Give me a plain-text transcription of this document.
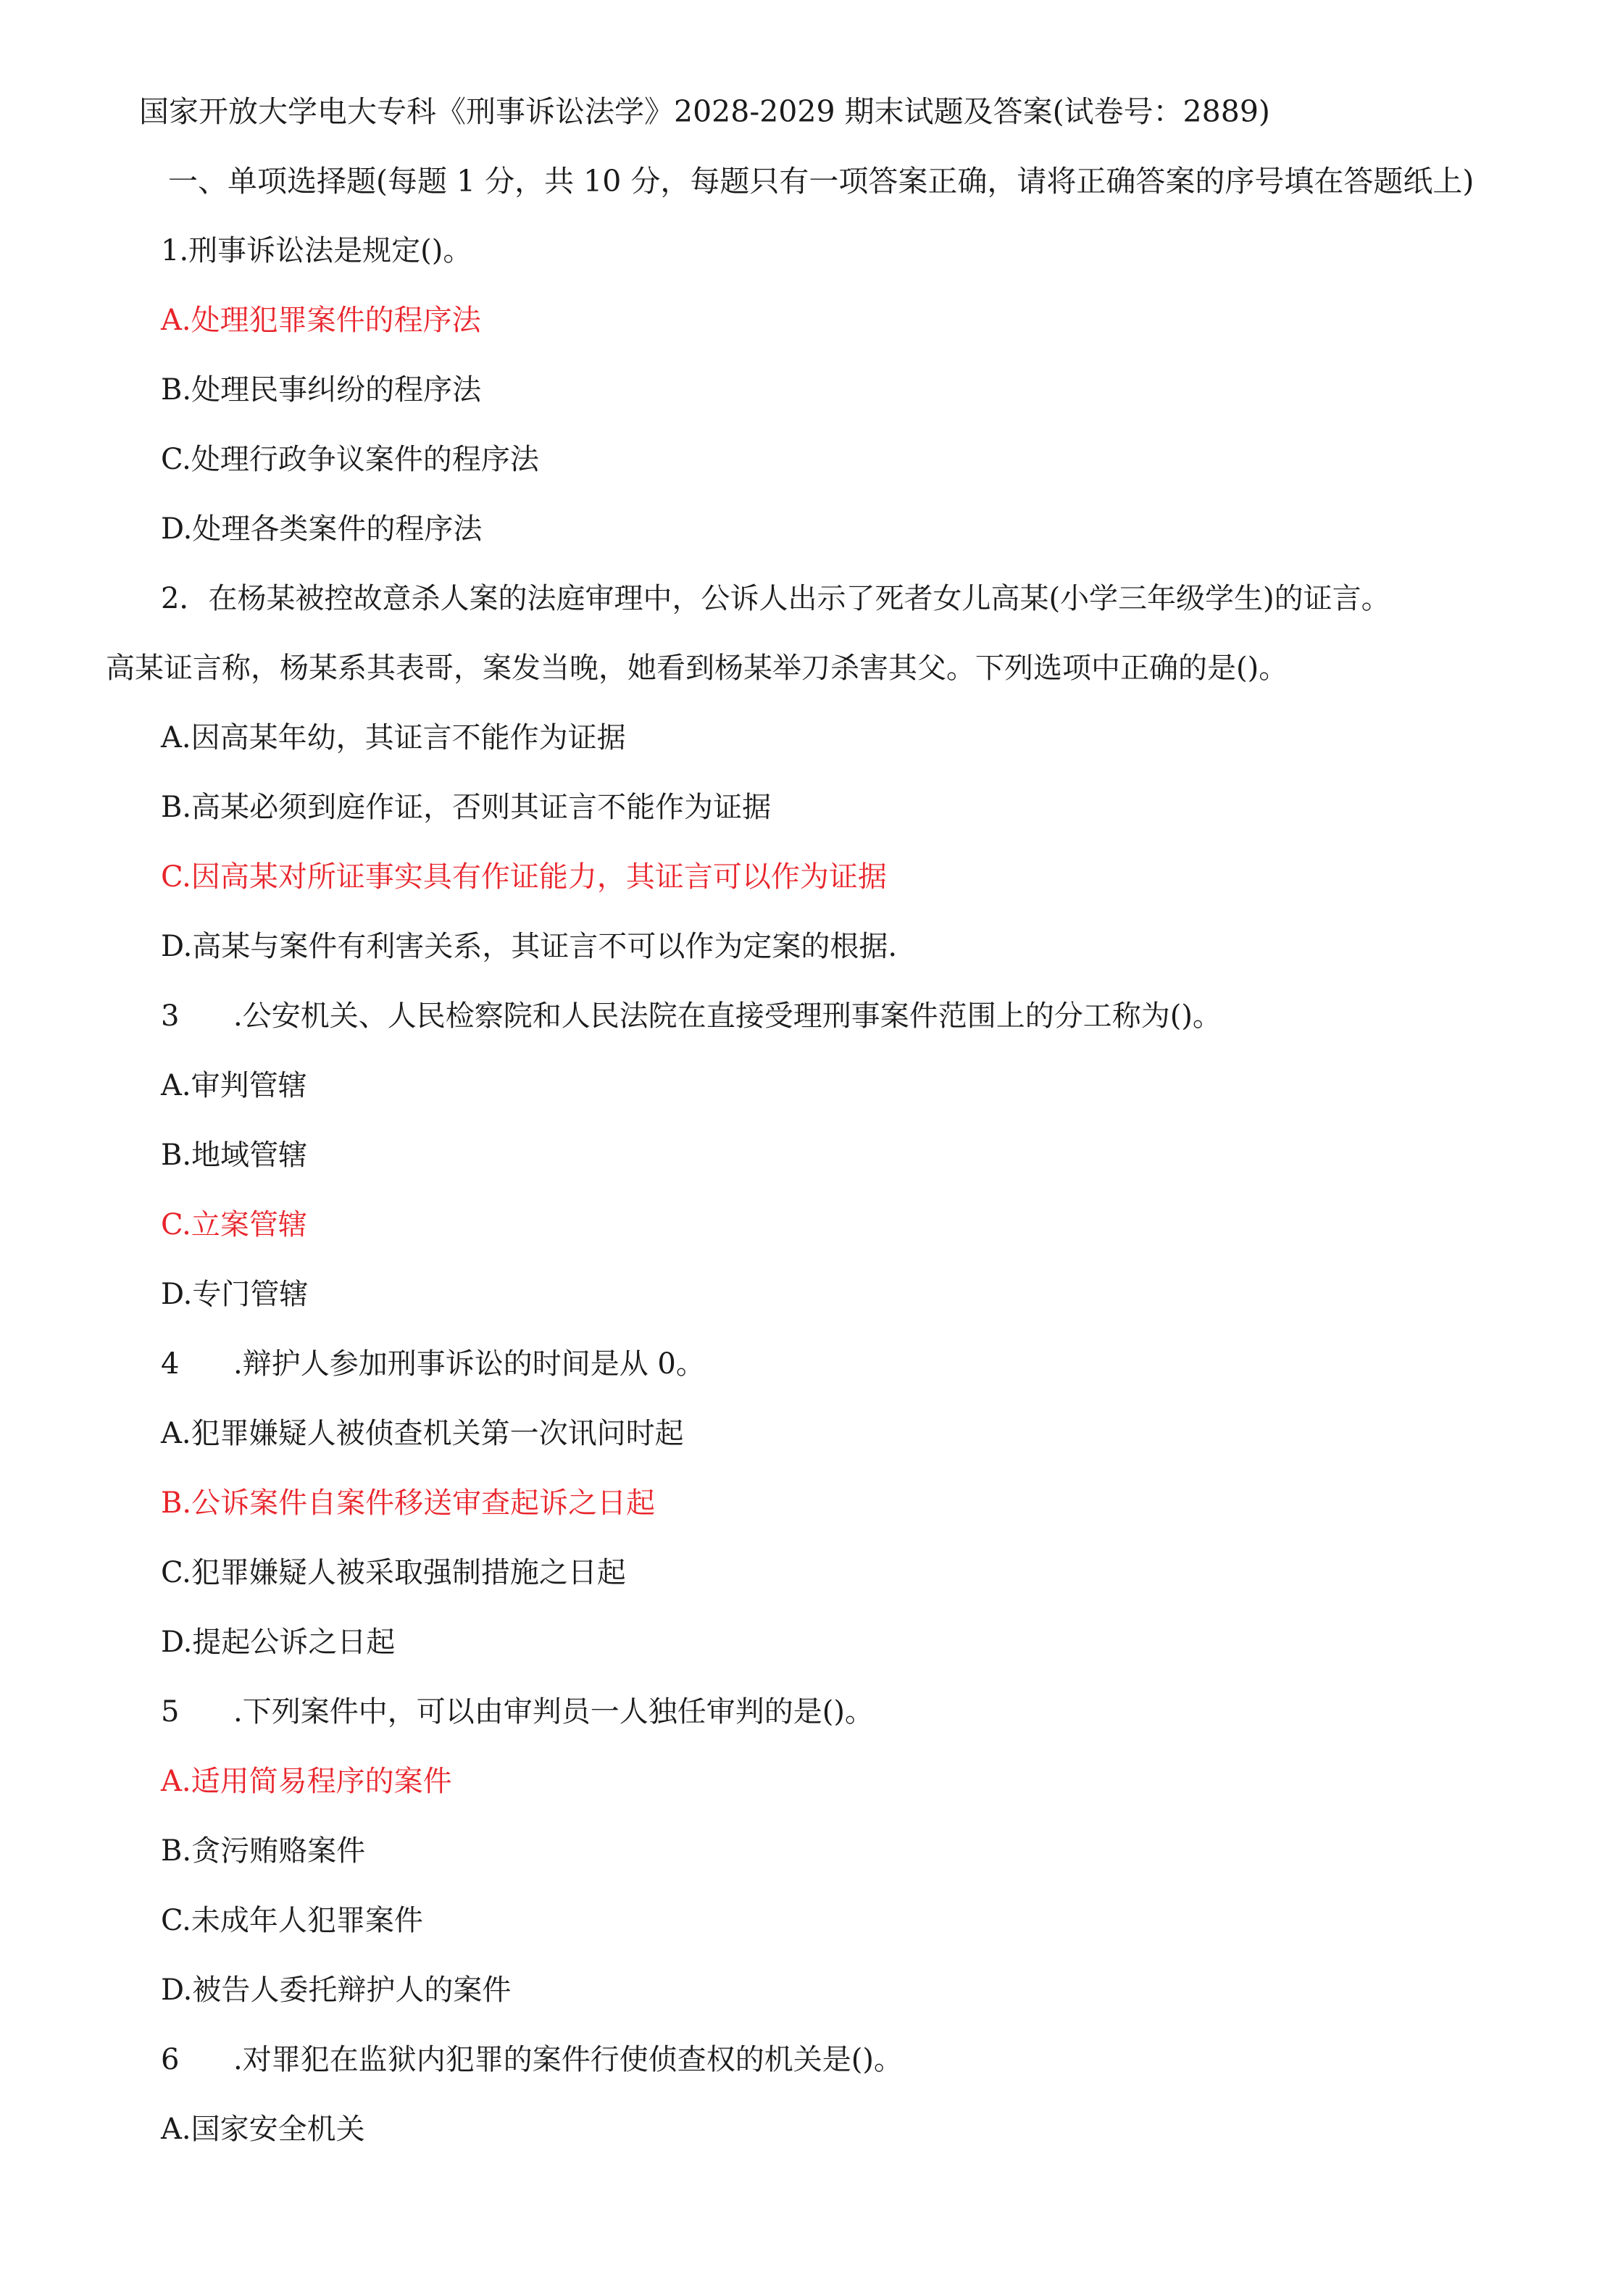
国家开放大学电大专科《刑事诉讼法学》2028-2029 期末试题及答案(试卷号：2889)
一、单项选择题(每题 1 分，共 10 分，每题只有一项答案正确，请将正确答案的序号填在答题纸上)
1.刑事诉讼法是规定()。
A.处理犯罪案件的程序法
B.处理民事纠纷的程序法
C.处理行政争议案件的程序法
D.处理各类案件的程序法
2．在杨某被控故意杀人案的法庭审理中，公诉人出示了死者女儿高某(小学三年级学生)的证言。
高某证言称，杨某系其表哥，案发当晚，她看到杨某举刀杀害其父。下列选项中正确的是()。
A.因高某年幼，其证言不能作为证据
B.高某必须到庭作证，否则其证言不能作为证据
C.因高某对所证事实具有作证能力，其证言可以作为证据
D.高某与案件有利害关系，其证言不可以作为定案的根据.
3 .公安机关、人民检察院和人民法院在直接受理刑事案件范围上的分工称为()。
A.审判管辖
B.地域管辖
C.立案管辖
D.专门管辖
4 .辩护人参加刑事诉讼的时间是从 0。
A.犯罪嫌疑人被侦查机关第一次讯问时起
B.公诉案件自案件移送审查起诉之日起
C.犯罪嫌疑人被采取强制措施之日起
D.提起公诉之日起
5 .下列案件中，可以由审判员一人独任审判的是()。
A.适用简易程序的案件
B.贪污贿赂案件
C.未成年人犯罪案件
D.被告人委托辩护人的案件
6 .对罪犯在监狱内犯罪的案件行使侦查权的机关是()。
A.国家安全机关
